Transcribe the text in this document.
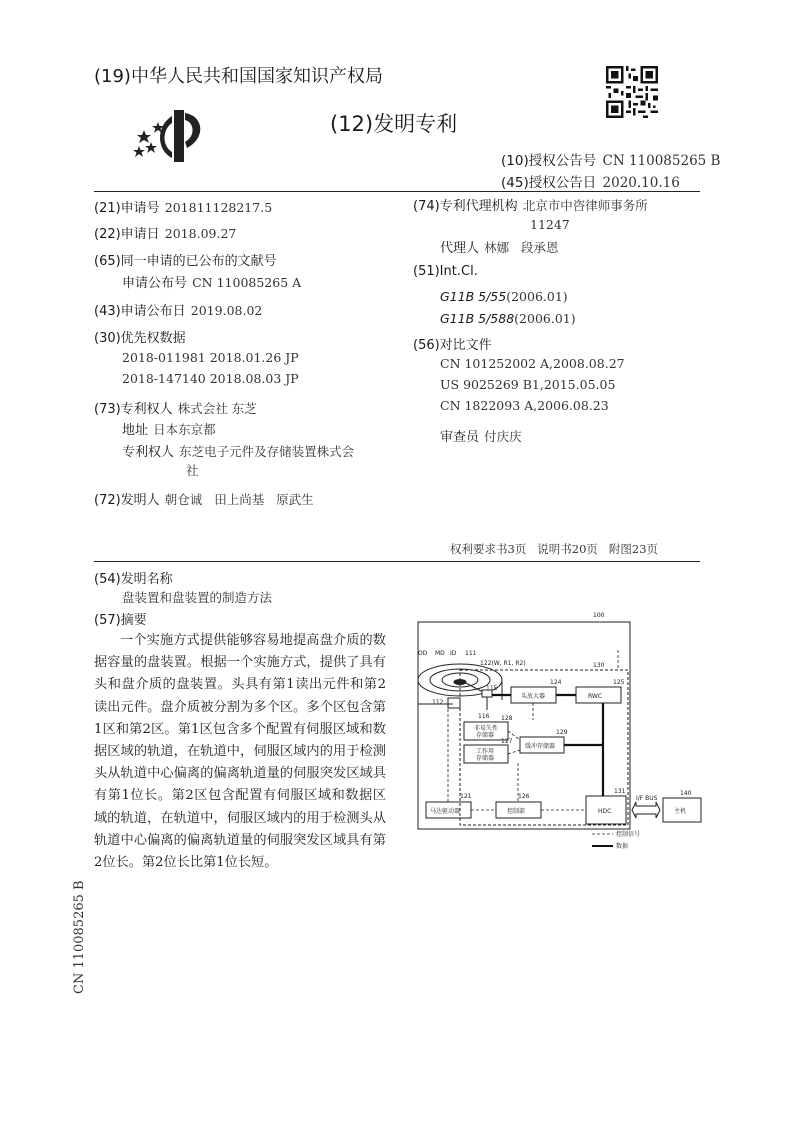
(19)中华人民共和国国家知识产权局
(12)发明专利
(10)授权公告号 CN 110085265 B
(45)授权公告日 2020.10.16
(21)申请号 201811128217.5
(22)申请日 2018.09.27
(65)同一申请的已公布的文献号
申请公布号 CN 110085265 A
(43)申请公布日 2019.08.02
(30)优先权数据
2018-011981 2018.01.26 JP
2018-147140 2018.08.03 JP
(73)专利权人 株式会社 东芝
地址 日本东京都
专利权人 东芝电子元件及存储装置株式会
社
(72)发明人 朝仓诚   田上尚基   原武生
(74)专利代理机构 北京市中咨律师事务所
11247
代理人 林娜   段承恩
(51)Int.Cl.
G11B 5/55(2006.01)
G11B 5/588(2006.01)
(56)对比文件
CN 101252002 A,2008.08.27
US 9025269 B1,2015.05.05
CN 1822093 A,2006.08.23
审查员 付庆庆
权利要求书3页   说明书20页   附图23页
(54)发明名称
盘装置和盘装置的制造方法
(57)摘要

一个实施方式提供能够容易地提高盘介质的数据容量的盘装置。根据一个实施方式，提供了具有头和盘介质的盘装置。头具有第1读出元件和第2读出元件。盘介质被分割为多个区。多个区包含第1区和第2区。第1区包含多个配置有伺服区域和数据区域的轨道，在轨道中，伺服区域内的用于检测头从轨道中心偏离的偏离轨道量的伺服突发区域具有第1位长。第2区包含配置有伺服区域和数据区域的轨道，在轨道中，伺服区域内的用于检测头从轨道中心偏离的偏离轨道量的伺服突发区域具有第2位长。第2位长比第1位长短。

CN 110085265 B
100
OD MD ID 111
122(W, R1, R2)
115
112
116
124
头放大器
125
RWC
130
128
非易失性
存储器
127
工作用
存储器
129
缓冲存储器
121
马达驱动器
126
控制部
131
HDC
I/F BUS
140
主机
控制信号
数据
